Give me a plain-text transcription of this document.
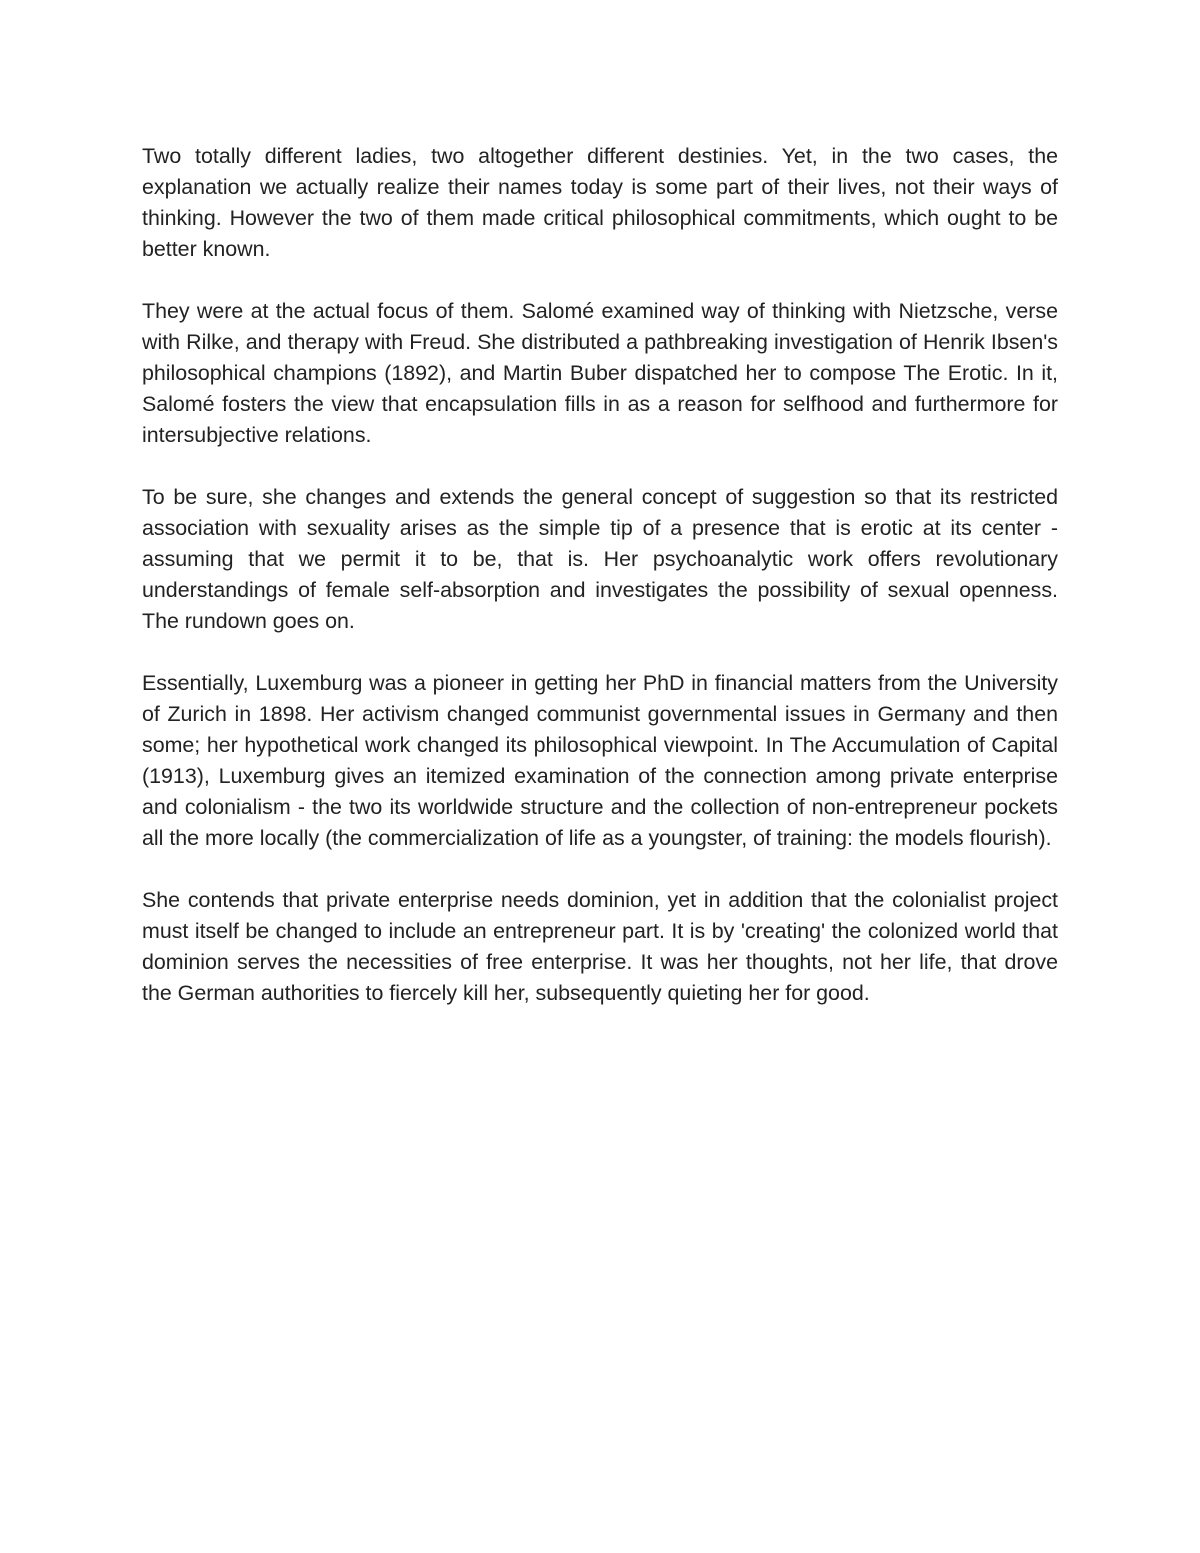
Two totally different ladies, two altogether different destinies. Yet, in the two cases, the explanation we actually realize their names today is some part of their lives, not their ways of thinking. However the two of them made critical philosophical commitments, which ought to be better known.

They were at the actual focus of them. Salomé examined way of thinking with Nietzsche, verse with Rilke, and therapy with Freud. She distributed a pathbreaking investigation of Henrik Ibsen's philosophical champions (1892), and Martin Buber dispatched her to compose The Erotic. In it, Salomé fosters the view that encapsulation fills in as a reason for selfhood and furthermore for intersubjective relations.

To be sure, she changes and extends the general concept of suggestion so that its restricted association with sexuality arises as the simple tip of a presence that is erotic at its center - assuming that we permit it to be, that is. Her psychoanalytic work offers revolutionary understandings of female self-absorption and investigates the possibility of sexual openness. The rundown goes on.

Essentially, Luxemburg was a pioneer in getting her PhD in financial matters from the University of Zurich in 1898. Her activism changed communist governmental issues in Germany and then some; her hypothetical work changed its philosophical viewpoint. In The Accumulation of Capital (1913), Luxemburg gives an itemized examination of the connection among private enterprise and colonialism - the two its worldwide structure and the collection of non-entrepreneur pockets all the more locally (the commercialization of life as a youngster, of training: the models flourish).

She contends that private enterprise needs dominion, yet in addition that the colonialist project must itself be changed to include an entrepreneur part. It is by 'creating' the colonized world that dominion serves the necessities of free enterprise. It was her thoughts, not her life, that drove the German authorities to fiercely kill her, subsequently quieting her for good.
